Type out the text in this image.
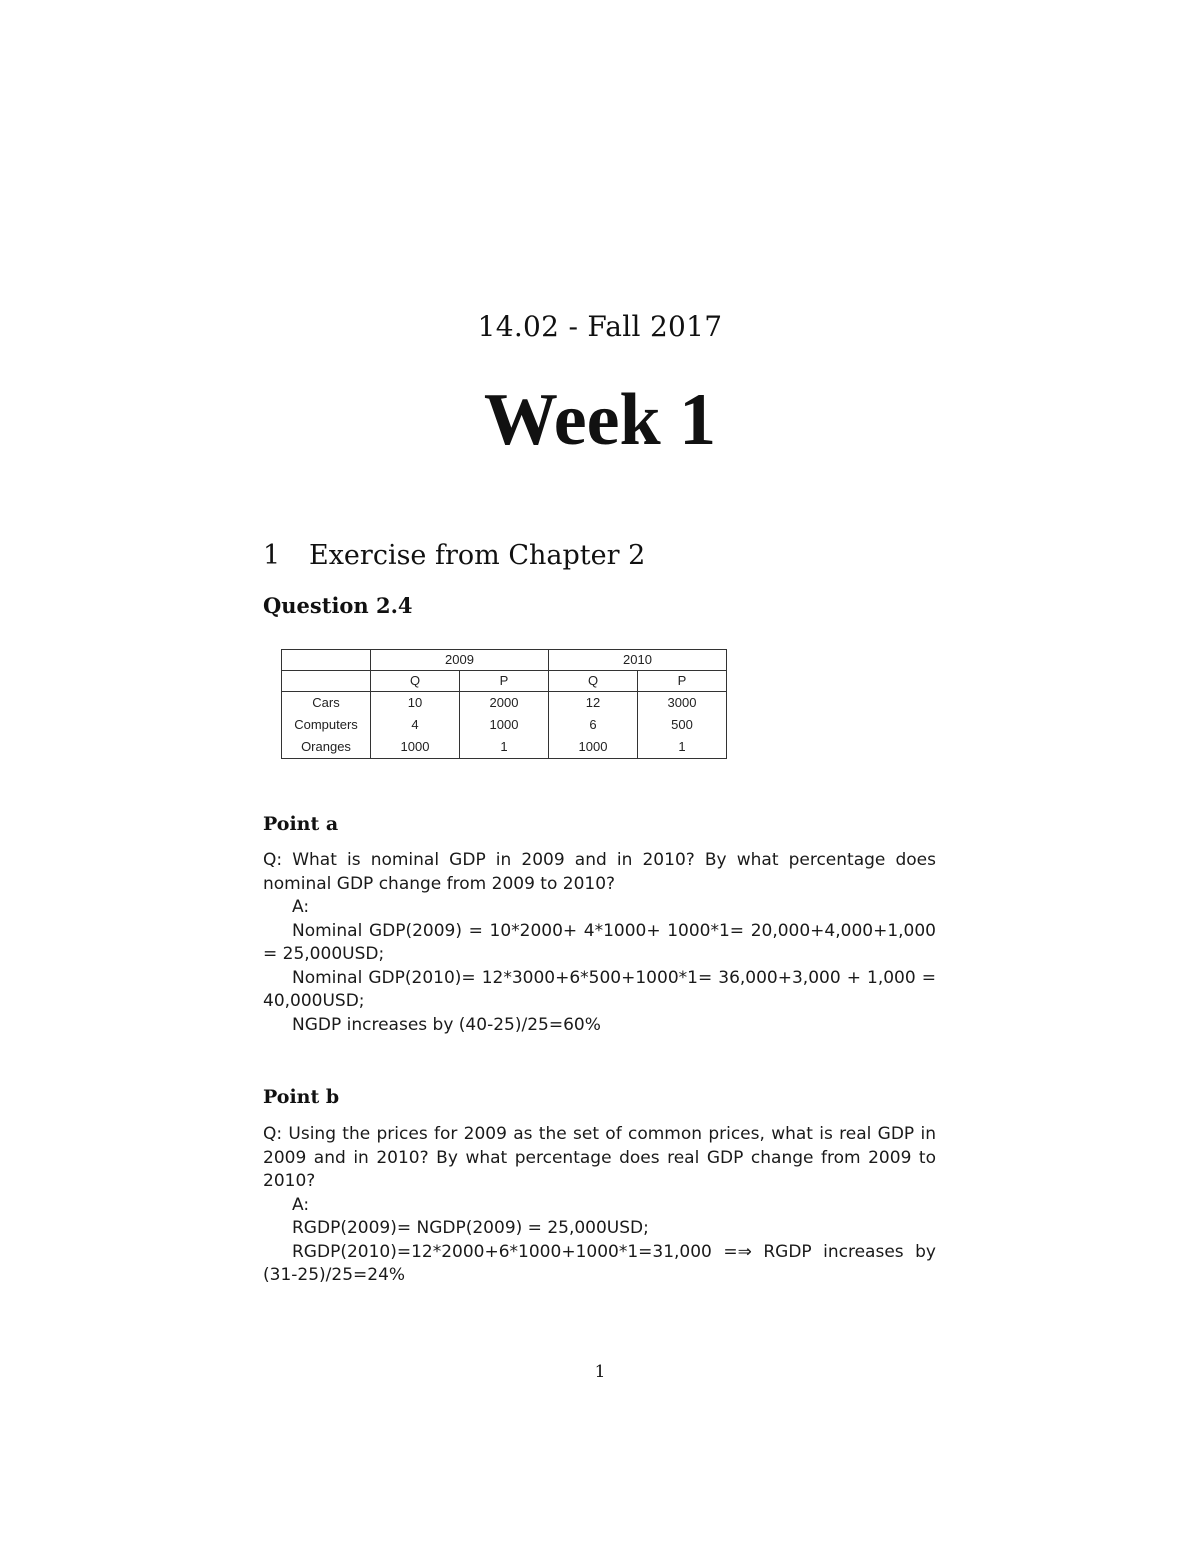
14.02 - Fall 2017
Week 1
1 Exercise from Chapter 2
Question 2.4
	2009		2010	
	Q	P	Q	P
Cars	10	2000	12	3000
Computers	4	1000	6	500
Oranges	1000	1	1000	1
Point a

Q: What is nominal GDP in 2009 and in 2010? By what percentage does nominal GDP change from 2009 to 2010?

A:

Nominal GDP(2009) = 10*2000+ 4*1000+ 1000*1= 20,000+4,000+1,000 = 25,000USD;

Nominal GDP(2010)= 12*3000+6*500+1000*1= 36,000+3,000 + 1,000 = 40,000USD;

NGDP increases by (40-25)/25=60%

Point b

Q: Using the prices for 2009 as the set of common prices, what is real GDP in 2009 and in 2010? By what percentage does real GDP change from 2009 to 2010?

A:

RGDP(2009)= NGDP(2009) = 25,000USD;

RGDP(2010)=12*2000+6*1000+1000*1=31,000 =⇒ RGDP increases by (31-25)/25=24%

1
